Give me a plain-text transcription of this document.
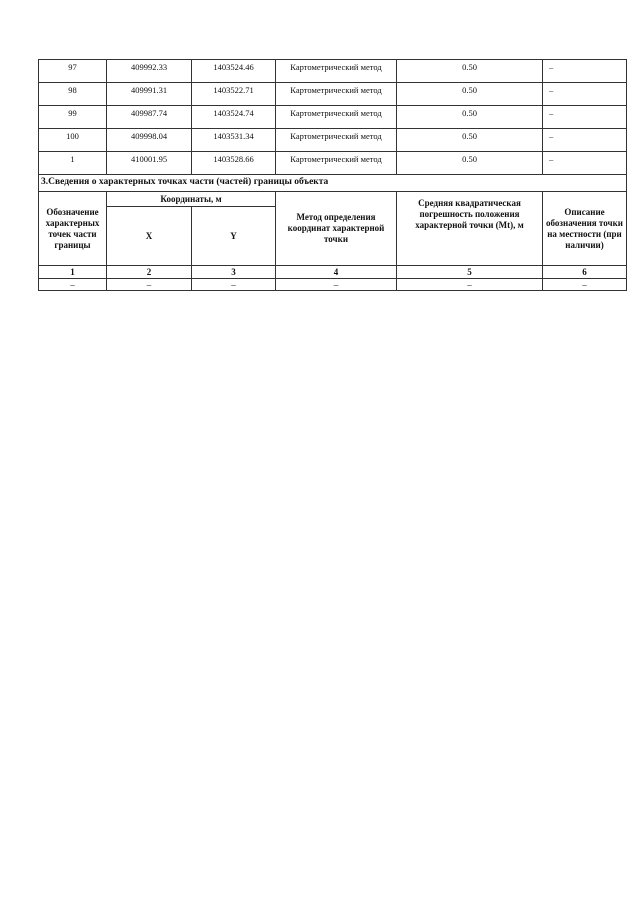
97	409992.33	1403524.46	Картометрический метод	0.50	–
98	409991.31	1403522.71	Картометрический метод	0.50	–
99	409987.74	1403524.74	Картометрический метод	0.50	–
100	409998.04	1403531.34	Картометрический метод	0.50	–
1	410001.95	1403528.66	Картометрический метод	0.50	–
3.Сведения о характерных точках части (частей) границы объекта					
Обозначение характерных точек части границы	Координаты, м		Метод определения координат характерной точки	Средняя квадратическая погрешность положения характерной точки (Мt), м	Описание обозначения точки на местности (при наличии)
	X	Y			
1	2	3	4	5	6
–	–	–	–	–	–
